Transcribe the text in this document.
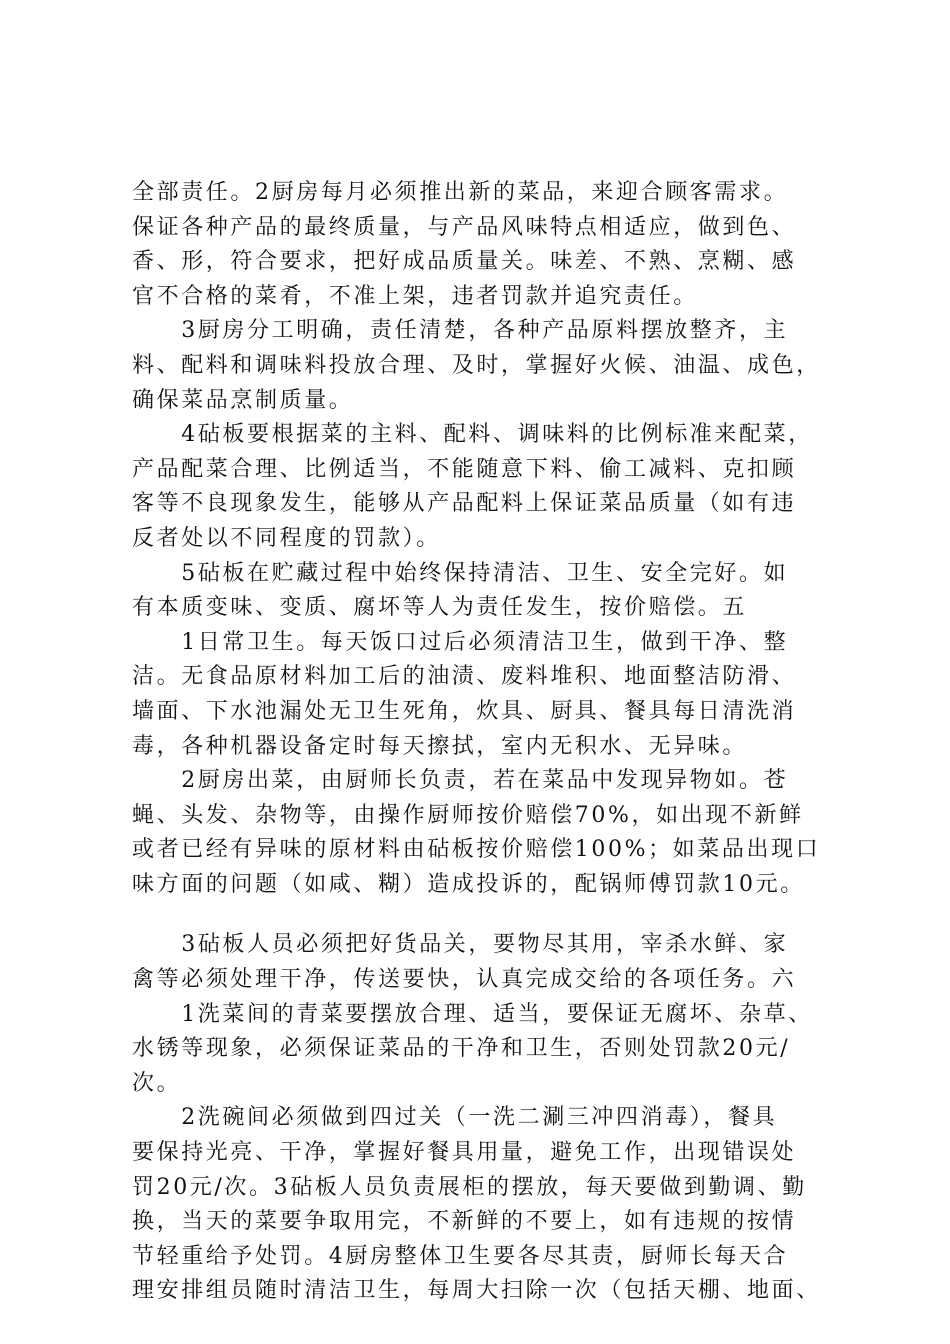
全部责任。2厨房每月必须推出新的菜品，来迎合顾客需求。
保证各种产品的最终质量，与产品风味特点相适应，做到色、
香、形，符合要求，把好成品质量关。味差、不熟、烹糊、感
官不合格的菜肴，不准上架，违者罚款并追究责任。
　　3厨房分工明确，责任清楚，各种产品原料摆放整齐，主
料、配料和调味料投放合理、及时，掌握好火候、油温、成色，
确保菜品烹制质量。
　　4砧板要根据菜的主料、配料、调味料的比例标准来配菜，
产品配菜合理、比例适当，不能随意下料、偷工减料、克扣顾
客等不良现象发生，能够从产品配料上保证菜品质量（如有违
反者处以不同程度的罚款）。
　　5砧板在贮藏过程中始终保持清洁、卫生、安全完好。如
有本质变味、变质、腐坏等人为责任发生，按价赔偿。五
　　1日常卫生。每天饭口过后必须清洁卫生，做到干净、整
洁。无食品原材料加工后的油渍、废料堆积、地面整洁防滑、
墙面、下水池漏处无卫生死角，炊具、厨具、餐具每日清洗消
毒，各种机器设备定时每天擦拭，室内无积水、无异味。
　　2厨房出菜，由厨师长负责，若在菜品中发现异物如。苍
蝇、头发、杂物等，由操作厨师按价赔偿70%，如出现不新鲜
或者已经有异味的原材料由砧板按价赔偿100%；如菜品出现口
味方面的问题（如咸、糊）造成投诉的，配锅师傅罚款10元。
　　3砧板人员必须把好货品关，要物尽其用，宰杀水鲜、家
禽等必须处理干净，传送要快，认真完成交给的各项任务。六
　　1洗菜间的青菜要摆放合理、适当，要保证无腐坏、杂草、
水锈等现象，必须保证菜品的干净和卫生，否则处罚款20元/
次。
　　2洗碗间必须做到四过关（一洗二涮三冲四消毒），餐具
要保持光亮、干净，掌握好餐具用量，避免工作，出现错误处
罚20元/次。3砧板人员负责展柜的摆放，每天要做到勤调、勤
换，当天的菜要争取用完，不新鲜的不要上，如有违规的按情
节轻重给予处罚。4厨房整体卫生要各尽其责，厨师长每天合
理安排组员随时清洁卫生，每周大扫除一次（包括天棚、地面、
